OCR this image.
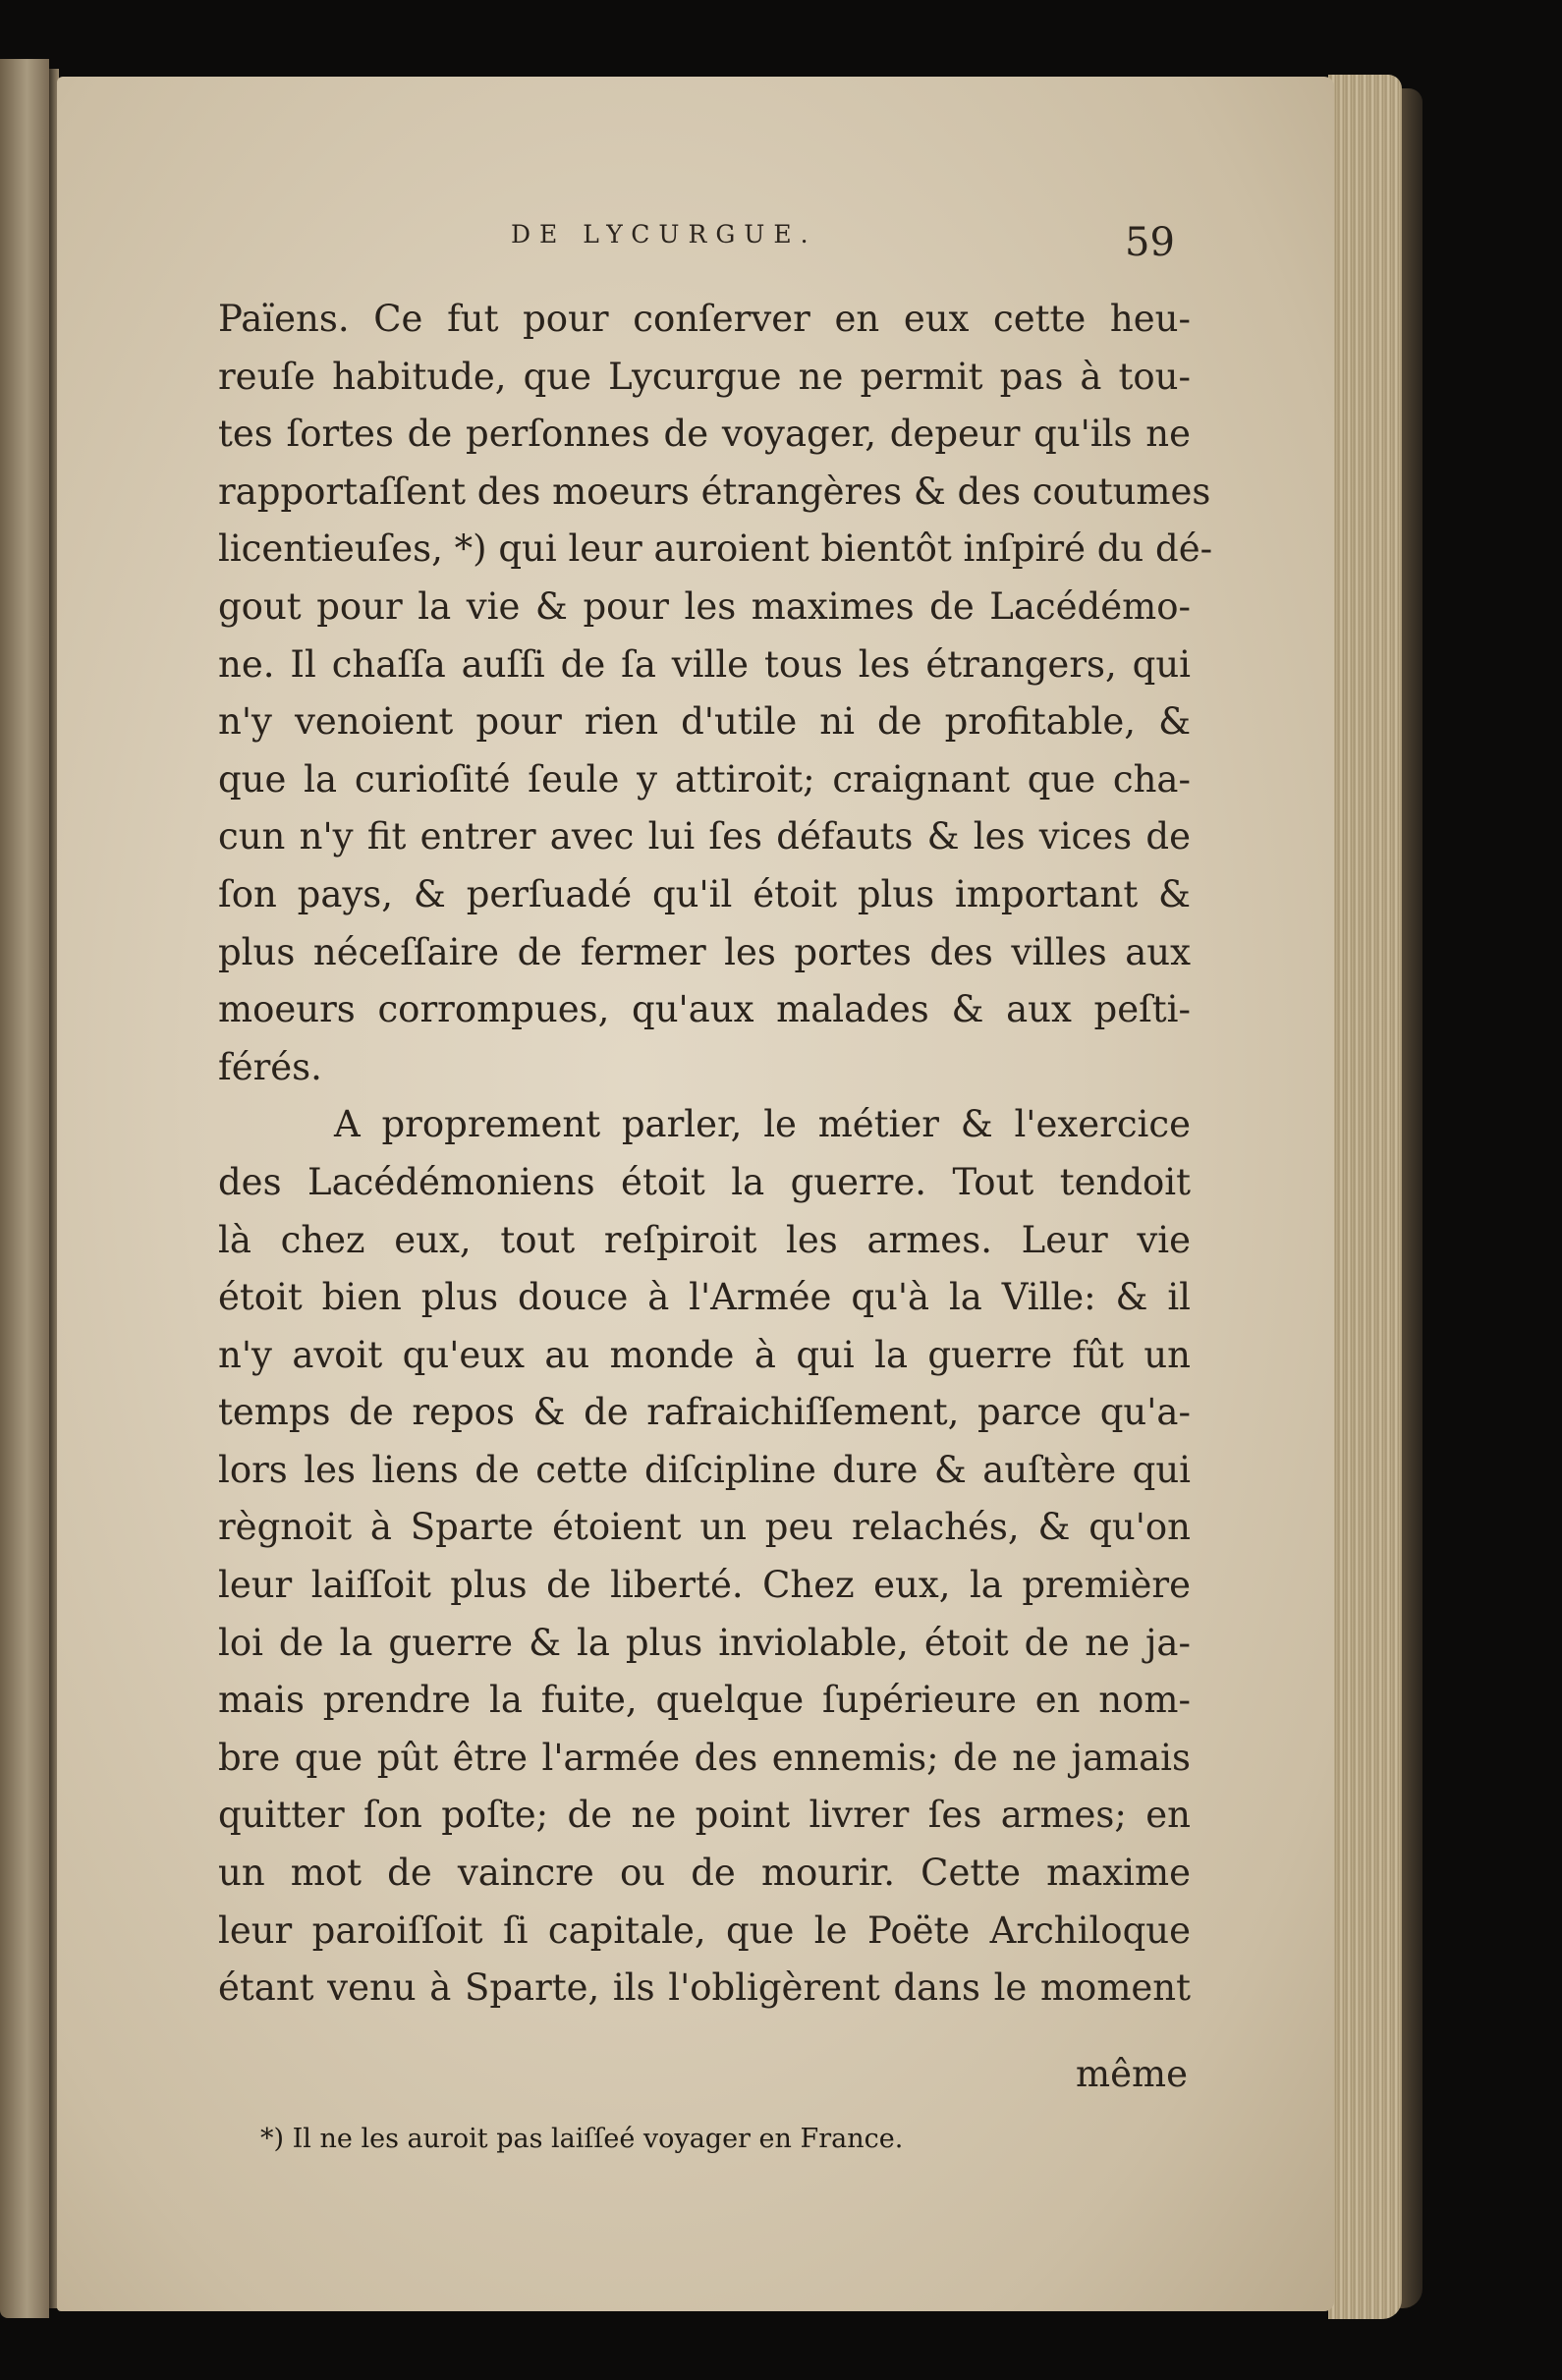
DE LYCURGUE.	59
Païens. Ce fut pour conſerver en eux cette heu-
reuſe habitude, que Lycurgue ne permit pas à tou-
tes ſortes de perſonnes de voyager, depeur qu'ils ne
rapportaſſent des moeurs étrangères & des coutumes
licentieuſes, *) qui leur auroient bientôt inſpiré du dé-
gout pour la vie & pour les maximes de Lacédémo-
ne. Il chaſſa auſſi de ſa ville tous les étrangers, qui
n'y venoient pour rien d'utile ni de profitable, &
que la curioſité ſeule y attiroit; craignant que cha-
cun n'y fit entrer avec lui ſes défauts & les vices de
ſon pays, & perſuadé qu'il étoit plus important &
plus néceſſaire de fermer les portes des villes aux
moeurs corrompues, qu'aux malades & aux peſti-
férés.
A proprement parler, le métier & l'exercice
des Lacédémoniens étoit la guerre. Tout tendoit
là chez eux, tout reſpiroit les armes. Leur vie
étoit bien plus douce à l'Armée qu'à la Ville: & il
n'y avoit qu'eux au monde à qui la guerre fût un
temps de repos & de rafraichiſſement, parce qu'a-
lors les liens de cette diſcipline dure & auſtère qui
règnoit à Sparte étoient un peu relachés, & qu'on
leur laiſſoit plus de liberté. Chez eux, la première
loi de la guerre & la plus inviolable, étoit de ne ja-
mais prendre la fuite, quelque ſupérieure en nom-
bre que pût être l'armée des ennemis; de ne jamais
quitter ſon poſte; de ne point livrer ſes armes; en
un mot de vaincre ou de mourir. Cette maxime
leur paroiſſoit ſi capitale, que le Poëte Archiloque
étant venu à Sparte, ils l'obligèrent dans le moment
même
*) Il ne les auroit pas laiſſeé voyager en France.
